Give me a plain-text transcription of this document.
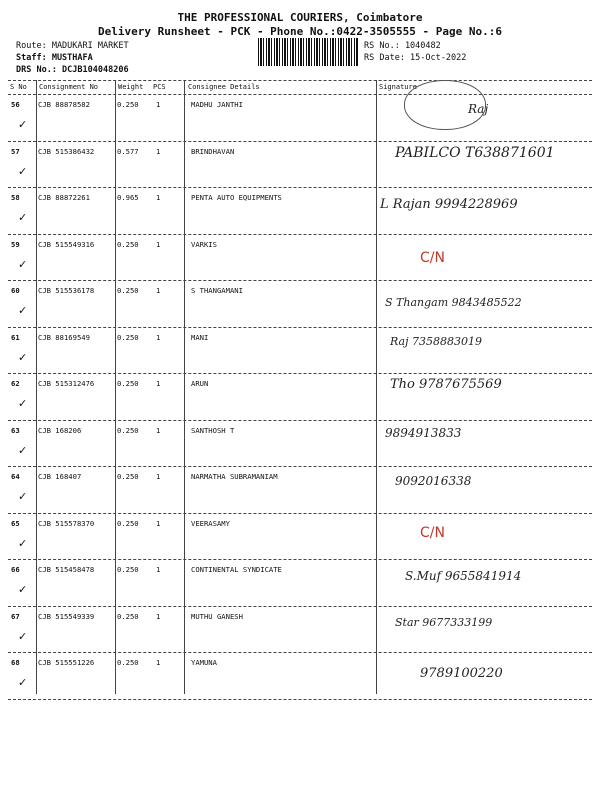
THE PROFESSIONAL COURIERS, Coimbatore
Delivery Runsheet - PCK - Phone No.:0422-3505555 - Page No.:6
Route: MADUKARI MARKET
Staff: MUSTHAFA
DRS No.: DCJB104048206
RS No.: 1040482
RS Date: 15-Oct-2022
S No Consignment No	Weight PCS	Consignee Details	Signature
56	CJB 88878582	0.250 1	MADHU JANTHI
✓
Raj
57	CJB 515386432	0.577 1	BRINDHAVAN
✓
PABILCO T638871601
58	CJB 88872261	0.965 1	PENTA AUTO EQUIPMENTS
✓
L Rajan 9994228969
59	CJB 515549316	0.250 1	VARKIS
✓	C/N
60	CJB 515536178	0.250 1	S THANGAMANI
✓
S Thangam 9843485522
61	CJB 88169549	0.250 1	MANI
✓
Raj 7358883019
62	CJB 515312476	0.250 1	ARUN
✓
Tho 9787675569
63	CJB 168206	0.250 1	SANTHOSH T
✓
9894913833
64	CJB 168407	0.250 1	NARMATHA SUBRAMANIAM
✓
9092016338
65	CJB 515578370	0.250 1	VEERASAMY
✓
C/N
66	CJB 515458478	0.250 1	CONTINENTAL SYNDICATE
✓
S.Muf 9655841914
67	CJB 515549339	0.250 1	MUTHU GANESH
✓
Star 9677333199
68	CJB 515551226	0.250 1	YAMUNA
✓
9789100220
